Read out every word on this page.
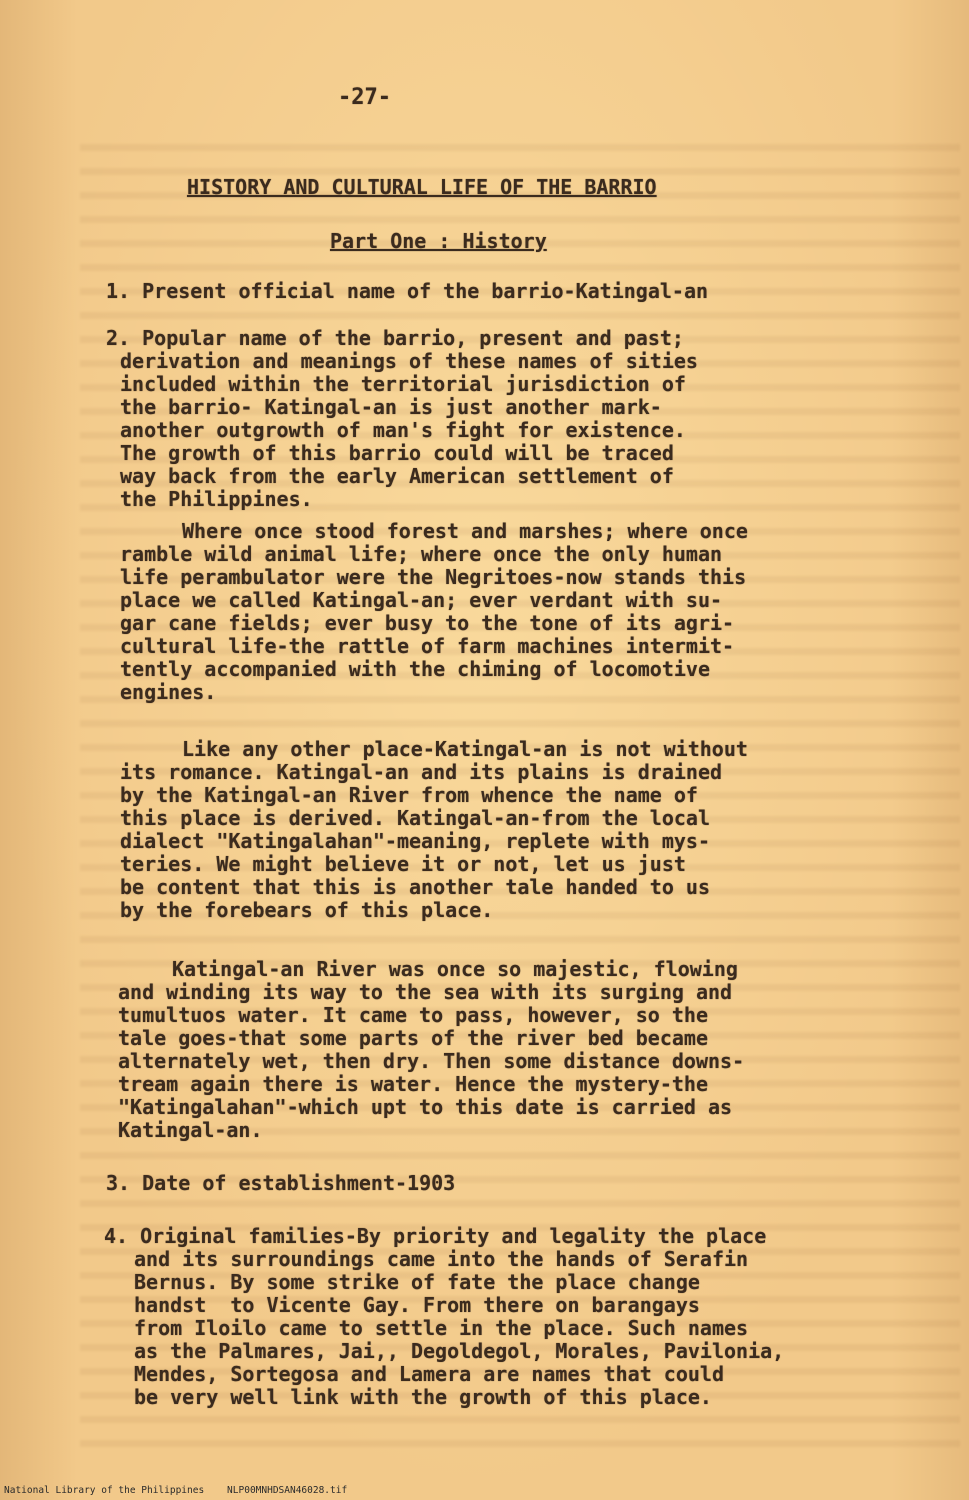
-27-
HISTORY AND CULTURAL LIFE OF THE BARRIO
Part One : History
1. Present official name of the barrio-Katingal-an
2. Popular name of the barrio, present and past;
derivation and meanings of these names of sities
included within the territorial jurisdiction of
the barrio- Katingal-an is just another mark-
another outgrowth of man's fight for existence.
The growth of this barrio could will be traced
way back from the early American settlement of
the Philippines.
Where once stood forest and marshes; where once
ramble wild animal life; where once the only human
life perambulator were the Negritoes-now stands this
place we called Katingal-an; ever verdant with su-
gar cane fields; ever busy to the tone of its agri-
cultural life-the rattle of farm machines intermit-
tently accompanied with the chiming of locomotive
engines.
Like any other place-Katingal-an is not without
its romance. Katingal-an and its plains is drained
by the Katingal-an River from whence the name of
this place is derived. Katingal-an-from the local
dialect "Katingalahan"-meaning, replete with mys-
teries. We might believe it or not, let us just
be content that this is another tale handed to us
by the forebears of this place.
Katingal-an River was once so majestic, flowing
and winding its way to the sea with its surging and
tumultuos water. It came to pass, however, so the
tale goes-that some parts of the river bed became
alternately wet, then dry. Then some distance downs-
tream again there is water. Hence the mystery-the
"Katingalahan"-which upt to this date is carried as
Katingal-an.
3. Date of establishment-1903
4. Original families-By priority and legality the place
and its surroundings came into the hands of Serafin
Bernus. By some strike of fate the place change
handst  to Vicente Gay. From there on barangays
from Iloilo came to settle in the place. Such names
as the Palmares, Jai,, Degoldegol, Morales, Pavilonia,
Mendes, Sortegosa and Lamera are names that could
be very well link with the growth of this place.
National Library of the Philippines    NLP00MNHDSAN46028.tif
